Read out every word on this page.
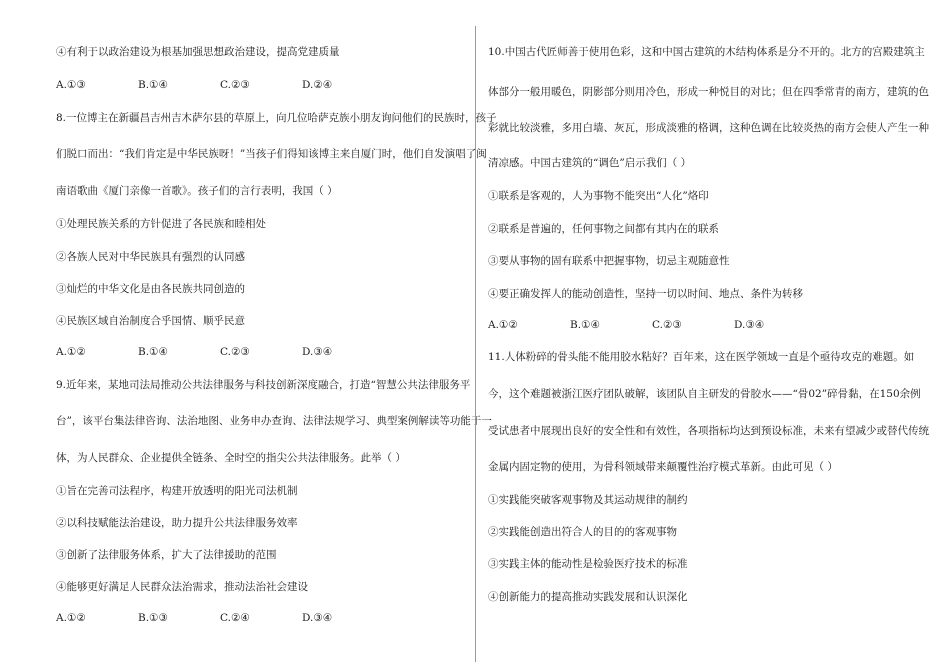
④有利于以政治建设为根基加强思想政治建设，提高党建质量
A.①③	B.①④	C.②③	D.②④
8.一位博主在新疆昌吉州吉木萨尔县的草原上，向几位哈萨克族小朋友询问他们的民族时，孩子
们脱口而出：“我们肯定是中华民族呀！”当孩子们得知该博主来自厦门时，他们自发演唱了闽
南语歌曲《厦门亲像一首歌》。孩子们的言行表明，我国（ ）
①处理民族关系的方针促进了各民族和睦相处
②各族人民对中华民族具有强烈的认同感
③灿烂的中华文化是由各民族共同创造的
④民族区域自治制度合乎国情、顺乎民意
A.①②	B.①④	C.②③	D.③④
9.近年来，某地司法局推动公共法律服务与科技创新深度融合，打造“智慧公共法律服务平
台”，该平台集法律咨询、法治地图、业务申办查询、法律法规学习、典型案例解读等功能于一
体，为人民群众、企业提供全链条、全时空的指尖公共法律服务。此举（ ）
①旨在完善司法程序，构建开放透明的阳光司法机制
②以科技赋能法治建设，助力提升公共法律服务效率
③创新了法律服务体系，扩大了法律援助的范围
④能够更好满足人民群众法治需求，推动法治社会建设
A.①②	B.①③	C.②④	D.③④
10.中国古代匠师善于使用色彩，这和中国古建筑的木结构体系是分不开的。北方的宫殿建筑主
体部分一般用暖色，阴影部分则用冷色，形成一种悦目的对比；但在四季常青的南方，建筑的色
彩就比较淡雅，多用白墙、灰瓦，形成淡雅的格调，这种色调在比较炎热的南方会使人产生一种
清凉感。中国古建筑的“调色”启示我们（ ）
①联系是客观的，人为事物不能突出“人化”烙印
②联系是普遍的，任何事物之间都有其内在的联系
③要从事物的固有联系中把握事物，切忌主观随意性
④要正确发挥人的能动创造性，坚持一切以时间、地点、条件为转移
A.①②	B.①④	C.②③	D.③④
11.人体粉碎的骨头能不能用胶水粘好？百年来，这在医学领域一直是个亟待攻克的难题。如
今，这个难题被浙江医疗团队破解，该团队自主研发的骨胶水——“骨02”碎骨黏，在150余例
受试患者中展现出良好的安全性和有效性，各项指标均达到预设标准，未来有望减少或替代传统
金属内固定物的使用，为骨科领域带来颠覆性治疗模式革新。由此可见（ ）
①实践能突破客观事物及其运动规律的制约
②实践能创造出符合人的目的的客观事物
③实践主体的能动性是检验医疗技术的标准
④创新能力的提高推动实践发展和认识深化
